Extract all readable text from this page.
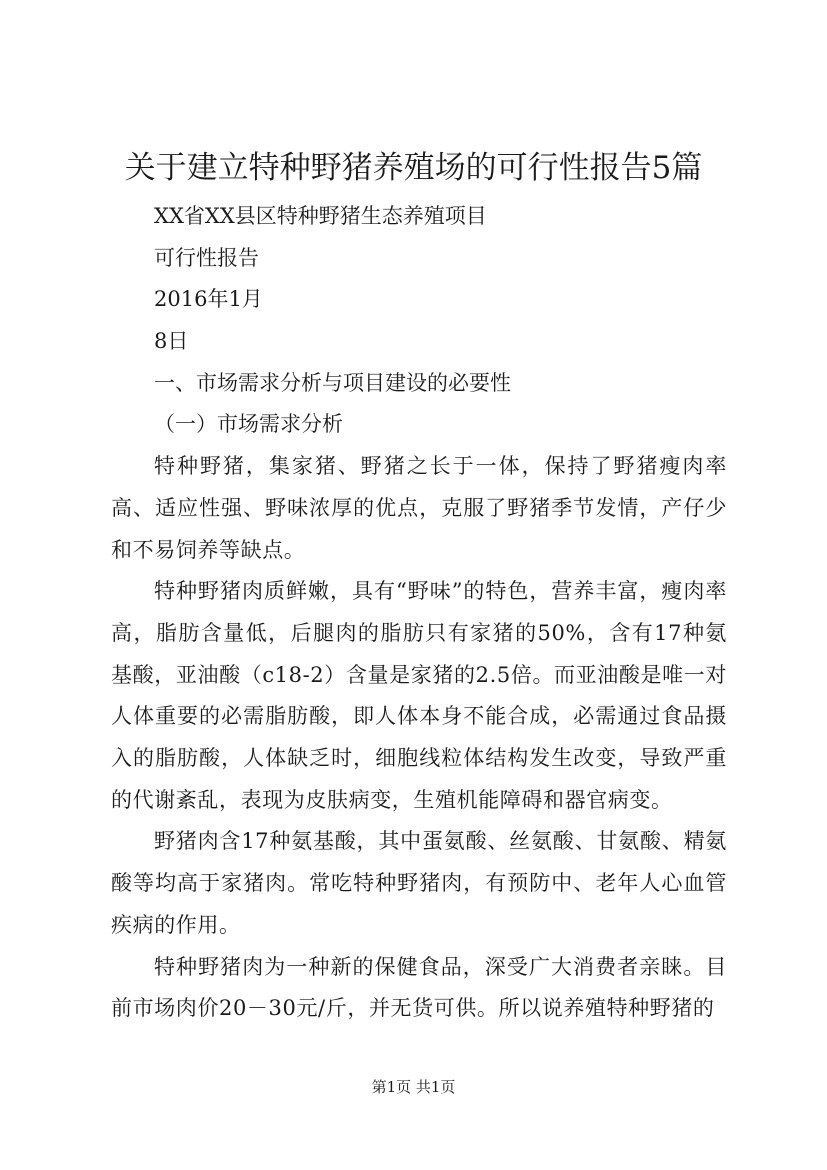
关于建立特种野猪养殖场的可行性报告5篇
XX省XX县区特种野猪生态养殖项目
可行性报告
2016年1月
8日
一、市场需求分析与项目建设的必要性
（一）市场需求分析

特种野猪，集家猪、野猪之长于一体，保持了野猪瘦肉率高、适应性强、野味浓厚的优点，克服了野猪季节发情，产仔少和不易饲养等缺点。

特种野猪肉质鲜嫩，具有“野味”的特色，营养丰富，瘦肉率高，脂肪含量低，后腿肉的脂肪只有家猪的50%，含有17种氨基酸，亚油酸（c18-2）含量是家猪的2.5倍。而亚油酸是唯一对人体重要的必需脂肪酸，即人体本身不能合成，必需通过食品摄入的脂肪酸，人体缺乏时，细胞线粒体结构发生改变，导致严重的代谢紊乱，表现为皮肤病变，生殖机能障碍和器官病变。

野猪肉含17种氨基酸，其中蛋氨酸、丝氨酸、甘氨酸、精氨酸等均高于家猪肉。常吃特种野猪肉，有预防中、老年人心血管疾病的作用。

特种野猪肉为一种新的保健食品，深受广大消费者亲睐。目前市场肉价20－30元/斤，并无货可供。所以说养殖特种野猪的

第1页 共1页
